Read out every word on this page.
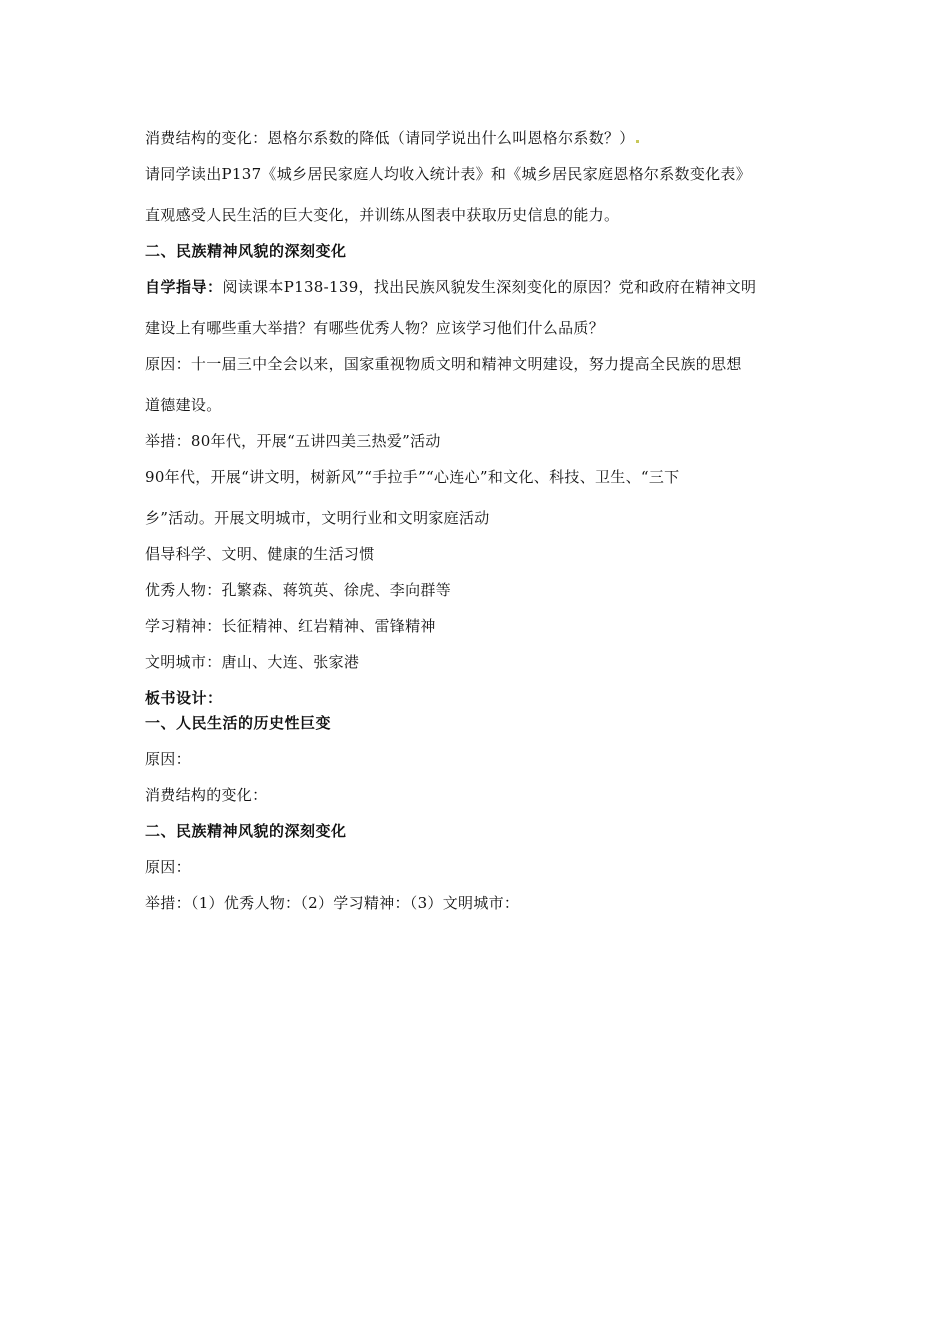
消费结构的变化：恩格尔系数的降低（请同学说出什么叫恩格尔系数？）
请同学读出P137《城乡居民家庭人均收入统计表》和《城乡居民家庭恩格尔系数变化表》
直观感受人民生活的巨大变化，并训练从图表中获取历史信息的能力。
二、民族精神风貌的深刻变化
自学指导：阅读课本P138-139，找出民族风貌发生深刻变化的原因？党和政府在精神文明
建设上有哪些重大举措？有哪些优秀人物？应该学习他们什么品质？
原因：十一届三中全会以来，国家重视物质文明和精神文明建设，努力提高全民族的思想
道德建设。
举措：80年代，开展“五讲四美三热爱”活动
90年代，开展“讲文明，树新风”“手拉手”“心连心”和文化、科技、卫生、“三下
乡”活动。开展文明城市，文明行业和文明家庭活动
倡导科学、文明、健康的生活习惯
优秀人物：孔繁森、蒋筑英、徐虎、李向群等
学习精神：长征精神、红岩精神、雷锋精神
文明城市：唐山、大连、张家港
板书设计：
一、人民生活的历史性巨变
原因：
消费结构的变化：
二、民族精神风貌的深刻变化
原因：
举措：（1）优秀人物：（2）学习精神：（3）文明城市：
